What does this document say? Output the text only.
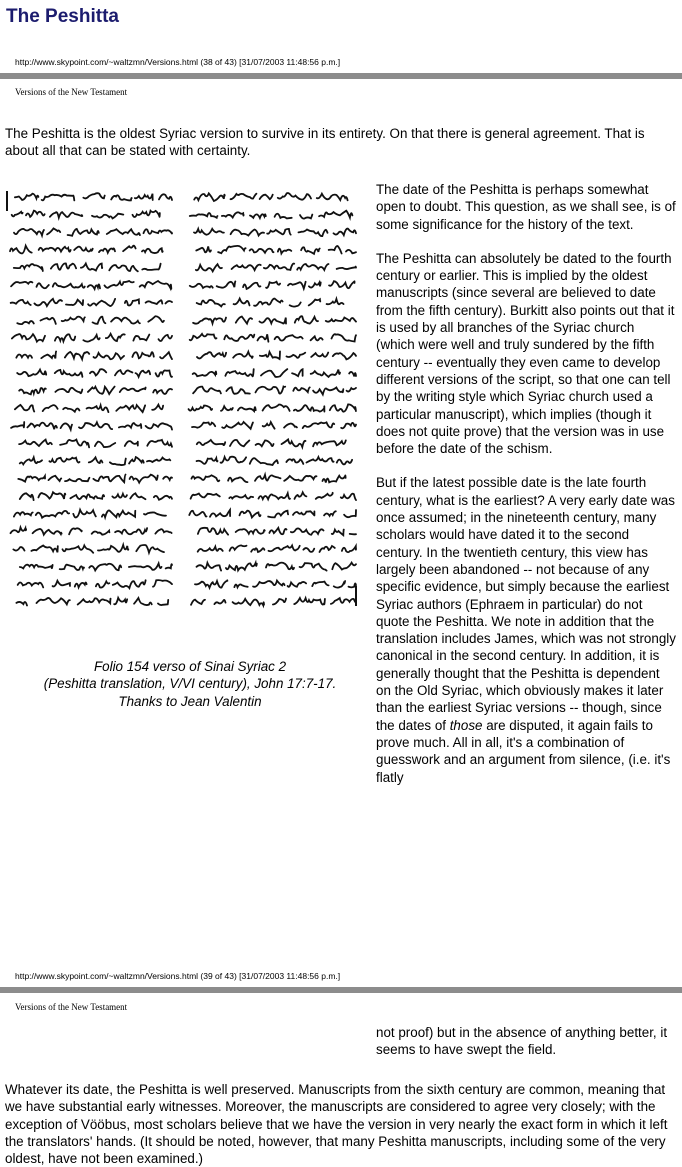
The Peshitta
http://www.skypoint.com/~waltzmn/Versions.html (38 of 43) [31/07/2003 11:48:56 p.m.]
Versions of the New Testament
The Peshitta is the oldest Syriac version to survive in its entirety. On that there is general agreement. That is about all that can be stated with certainty.
Folio 154 verso of Sinai Syriac 2
(Peshitta translation, V/VI century), John 17:7-17.
Thanks to Jean Valentin

The date of the Peshitta is perhaps somewhat open to doubt. This question, as we shall see, is of some significance for the history of the text.

The Peshitta can absolutely be dated to the fourth century or earlier. This is implied by the oldest manuscripts (since several are believed to date from the fifth century). Burkitt also points out that it is used by all branches of the Syriac church (which were well and truly sundered by the fifth century -- eventually they even came to develop different versions of the script, so that one can tell by the writing style which Syriac church used a particular manuscript), which implies (though it does not quite prove) that the version was in use before the date of the schism.

But if the latest possible date is the late fourth century, what is the earliest? A very early date was once assumed; in the nineteenth century, many scholars would have dated it to the second century. In the twentieth century, this view has largely been abandoned -- not because of any specific evidence, but simply because the earliest Syriac authors (Ephraem in particular) do not quote the Peshitta. We note in addition that the translation includes James, which was not strongly canonical in the second century. In addition, it is generally thought that the Peshitta is dependent on the Old Syriac, which obviously makes it later than the earliest Syriac versions -- though, since the dates of those are disputed, it again fails to prove much. All in all, it's a combination of guesswork and an argument from silence, (i.e. it's flatly

http://www.skypoint.com/~waltzmn/Versions.html (39 of 43) [31/07/2003 11:48:56 p.m.]
Versions of the New Testament
not proof) but in the absence of anything better, it seems to have swept the field.
Whatever its date, the Peshitta is well preserved. Manuscripts from the sixth century are common, meaning that we have substantial early witnesses. Moreover, the manuscripts are considered to agree very closely; with the exception of Vööbus, most scholars believe that we have the version in very nearly the exact form in which it left the translators' hands. (It should be noted, however, that many Peshitta manuscripts, including some of the very oldest, have not been examined.)
